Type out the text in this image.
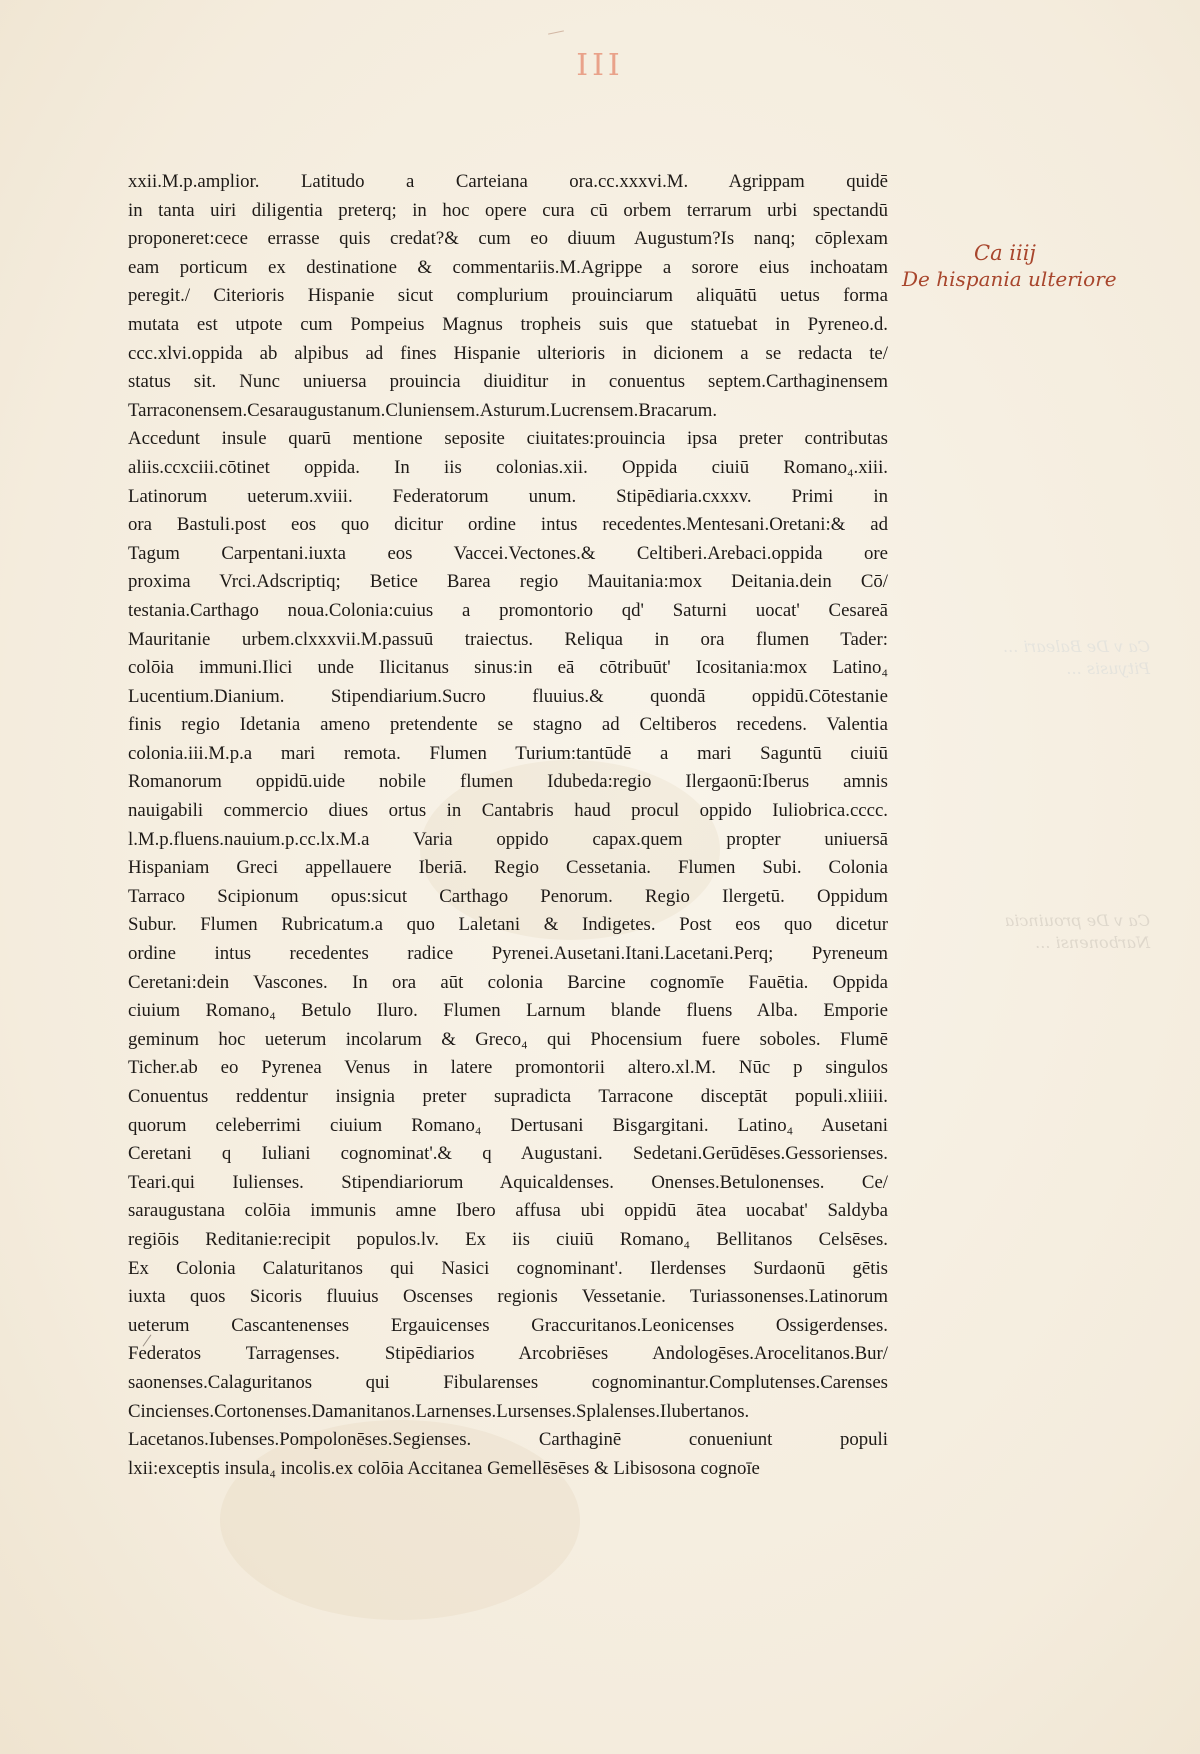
III
Ca iiij
De hispania ulteriore
Ca v De Baleari ... Pityusis ...
Ca v De prouincia Narbonensi ...
xxii.M.p.amplior. Latitudo a Carteiana ora.cc.xxxvi.M. Agrippam quidē
in tanta uiri diligentia preterq; in hoc opere cura cū orbem terrarum urbi spectandū
proponeret:cece errasse quis credat?& cum eo diuum Augustum?Is nanq; cōplexam
eam porticum ex destinatione & commentariis.M.Agrippe a sorore eius inchoatam
peregit./ Citerioris Hispanie sicut complurium prouinciarum aliquātū uetus forma
mutata est utpote cum Pompeius Magnus tropheis suis que statuebat in Pyreneo.d.
ccc.xlvi.oppida ab alpibus ad fines Hispanie ulterioris in dicionem a se redacta te/
status sit. Nunc uniuersa prouincia diuiditur in conuentus septem.Carthaginensem
Tarraconensem.Cesaraugustanum.Cluniensem.Asturum.Lucrensem.Bracarum.
Accedunt insule quarū mentione seposite ciuitates:prouincia ipsa preter contributas
aliis.ccxciii.cōtinet oppida. In iis colonias.xii. Oppida ciuiū Romano₄.xiii.
Latinorum ueterum.xviii. Federatorum unum. Stipēdiaria.cxxxv. Primi in
ora Bastuli.post eos quo dicitur ordine intus recedentes.Mentesani.Oretani:& ad
Tagum Carpentani.iuxta eos Vaccei.Vectones.& Celtiberi.Arebaci.oppida ore
proxima Vrci.Adscriptiq; Betice Barea regio Mauitania:mox Deitania.dein Cō/
testania.Carthago noua.Colonia:cuius a promontorio qd' Saturni uocat' Cesareā
Mauritanie urbem.clxxxvii.M.passuū traiectus. Reliqua in ora flumen Tader:
colōia immuni.Ilici unde Ilicitanus sinus:in eā cōtribuūt' Icositania:mox Latino₄
Lucentium.Dianium. Stipendiarium.Sucro fluuius.& quondā oppidū.Cōtestanie
finis regio Idetania ameno pretendente se stagno ad Celtiberos recedens. Valentia
colonia.iii.M.p.a mari remota. Flumen Turium:tantūdē a mari Saguntū ciuiū
Romanorum oppidū.uide nobile flumen Idubeda:regio Ilergaonū:Iberus amnis
nauigabili commercio diues ortus in Cantabris haud procul oppido Iuliobrica.cccc.
l.M.p.fluens.nauium.p.cc.lx.M.a Varia oppido capax.quem propter uniuersā
Hispaniam Greci appellauere Iberiā. Regio Cessetania. Flumen Subi. Colonia
Tarraco Scipionum opus:sicut Carthago Penorum. Regio Ilergetū. Oppidum
Subur. Flumen Rubricatum.a quo Laletani & Indigetes. Post eos quo dicetur
ordine intus recedentes radice Pyrenei.Ausetani.Itani.Lacetani.Perq; Pyreneum
Ceretani:dein Vascones. In ora aūt colonia Barcine cognomīe Fauētia. Oppida
ciuium Romano₄ Betulo Iluro. Flumen Larnum blande fluens Alba. Emporie
geminum hoc ueterum incolarum & Greco₄ qui Phocensium fuere soboles. Flumē
Ticher.ab eo Pyrenea Venus in latere promontorii altero.xl.M. Nūc p singulos
Conuentus reddentur insignia preter supradicta Tarracone disceptāt populi.xliiii.
quorum celeberrimi ciuium Romano₄ Dertusani Bisgargitani. Latino₄ Ausetani
Ceretani q Iuliani cognominat'.& q Augustani. Sedetani.Gerūdēses.Gessorienses.
Teari.qui Iulienses. Stipendiariorum Aquicaldenses. Onenses.Betulonenses. Ce/
saraugustana colōia immunis amne Ibero affusa ubi oppidū ātea uocabat' Saldyba
regiōis Reditanie:recipit populos.lv. Ex iis ciuiū Romano₄ Bellitanos Celsēses.
Ex Colonia Calaturitanos qui Nasici cognominant'. Ilerdenses Surdaonū gētis
iuxta quos Sicoris fluuius Oscenses regionis Vessetanie. Turiassonenses.Latinorum
ueterum Cascantenenses Ergauicenses Graccuritanos.Leonicenses Ossigerdenses.
Federatos Tarragenses. Stipēdiarios Arcobriēses Andologēses.Arocelitanos.Bur/
saonenses.Calaguritanos qui Fibularenses cognominantur.Complutenses.Carenses
Cincienses.Cortonenses.Damanitanos.Larnenses.Lursenses.Splalenses.Ilubertanos.
Lacetanos.Iubenses.Pompolonēses.Segienses. Carthaginē conueniunt populi
lxii:exceptis insula₄ incolis.ex colōia Accitanea Gemellēsēses & Libisosona cognoīe
